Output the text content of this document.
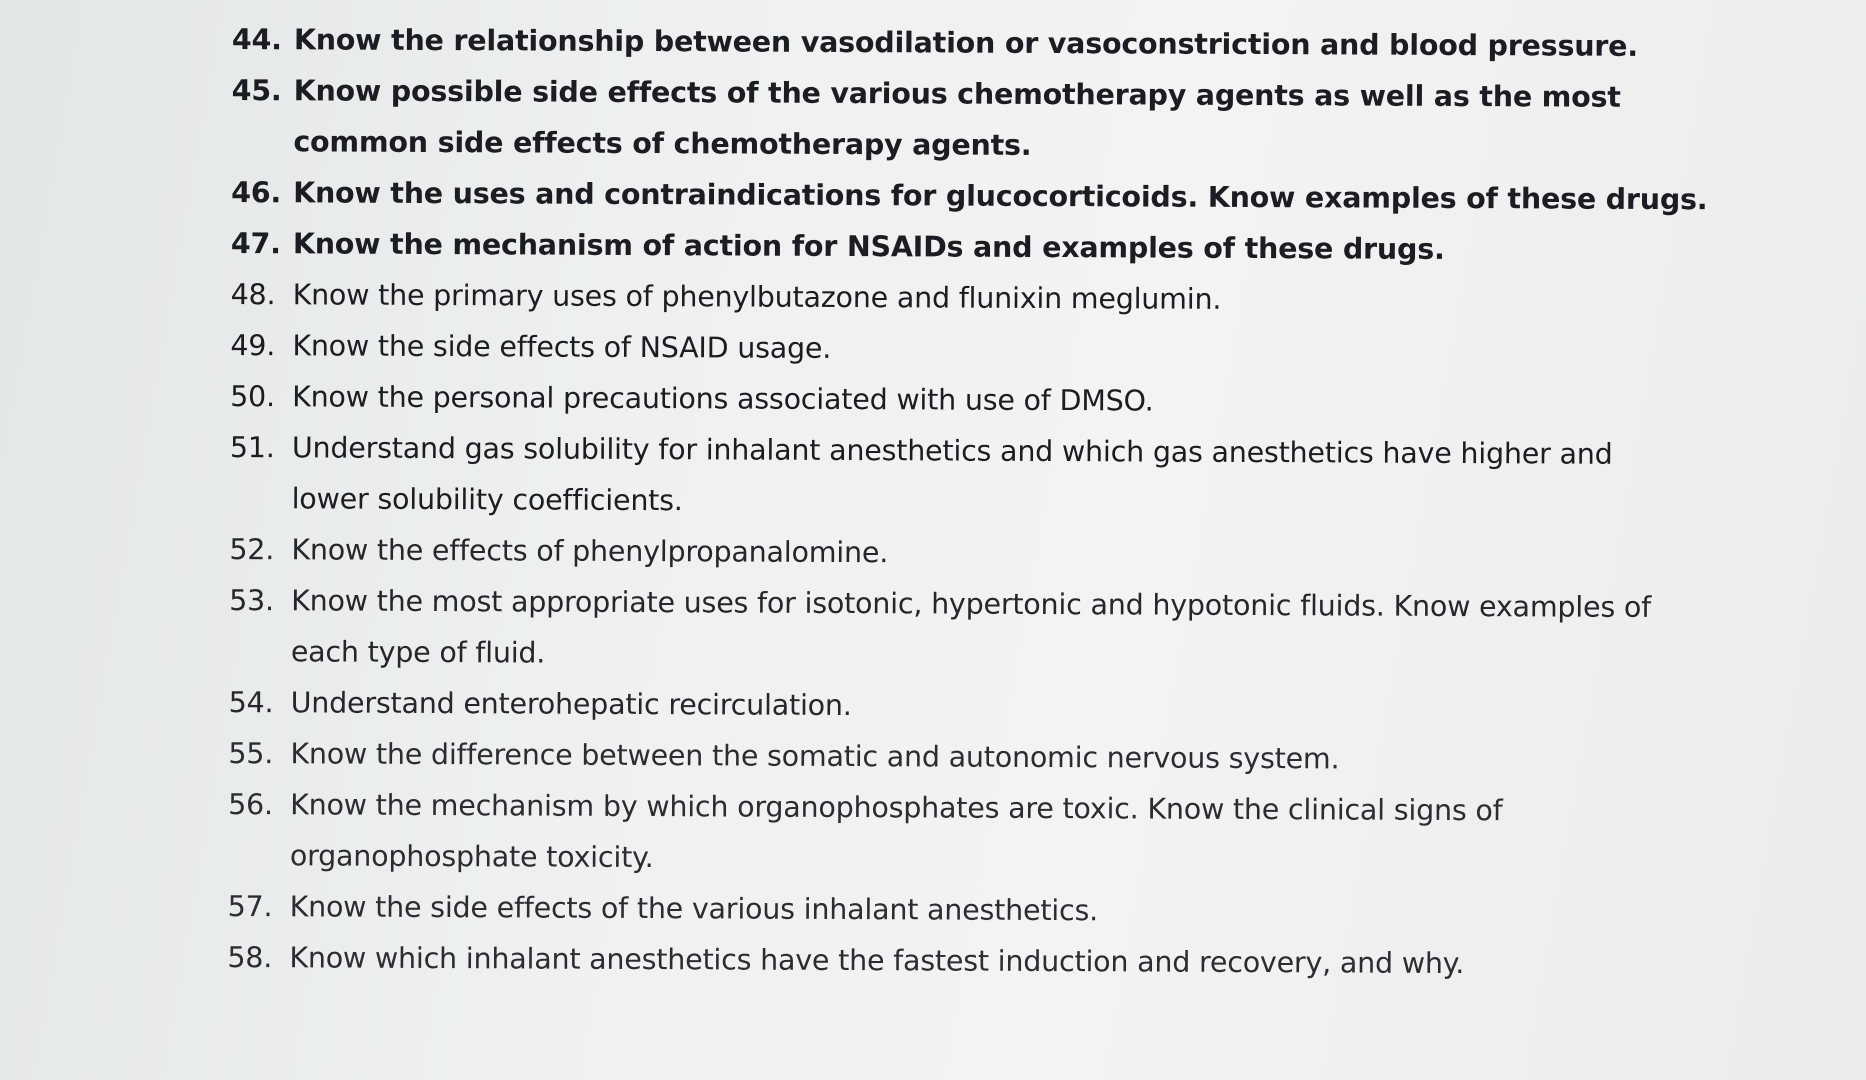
44. Know the relationship between vasodilation or vasoconstriction and blood pressure.
45. Know possible side effects of the various chemotherapy agents as well as the most common side effects of chemotherapy agents.
46. Know the uses and contraindications for glucocorticoids. Know examples of these drugs.
47. Know the mechanism of action for NSAIDs and examples of these drugs.
48. Know the primary uses of phenylbutazone and flunixin meglumin.
49. Know the side effects of NSAID usage.
50. Know the personal precautions associated with use of DMSO.
51. Understand gas solubility for inhalant anesthetics and which gas anesthetics have higher and lower solubility coefficients.
52. Know the effects of phenylpropanalomine.
53. Know the most appropriate uses for isotonic, hypertonic and hypotonic fluids. Know examples of each type of fluid.
54. Understand enterohepatic recirculation.
55. Know the difference between the somatic and autonomic nervous system.
56. Know the mechanism by which organophosphates are toxic. Know the clinical signs of organophosphate toxicity.
57. Know the side effects of the various inhalant anesthetics.
58. Know which inhalant anesthetics have the fastest induction and recovery, and why.
